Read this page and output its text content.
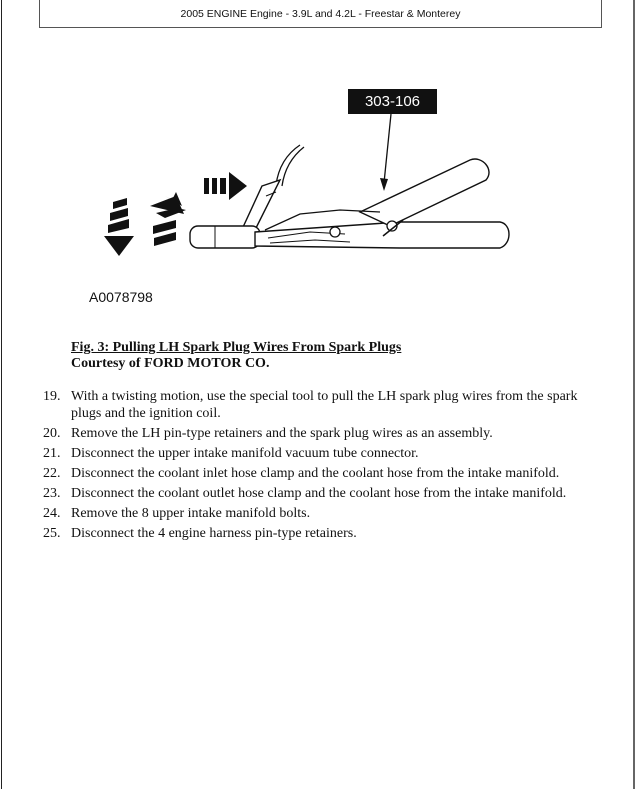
2005 ENGINE Engine - 3.9L and 4.2L - Freestar & Monterey
303-106
A0078798
Fig. 3: Pulling LH Spark Plug Wires From Spark Plugs
Courtesy of FORD MOTOR CO.
19. With a twisting motion, use the special tool to pull the LH spark plug wires from the spark plugs and the ignition coil.
20. Remove the LH pin-type retainers and the spark plug wires as an assembly.
21. Disconnect the upper intake manifold vacuum tube connector.
22. Disconnect the coolant inlet hose clamp and the coolant hose from the intake manifold.
23. Disconnect the coolant outlet hose clamp and the coolant hose from the intake manifold.
24. Remove the 8 upper intake manifold bolts.
25. Disconnect the 4 engine harness pin-type retainers.
